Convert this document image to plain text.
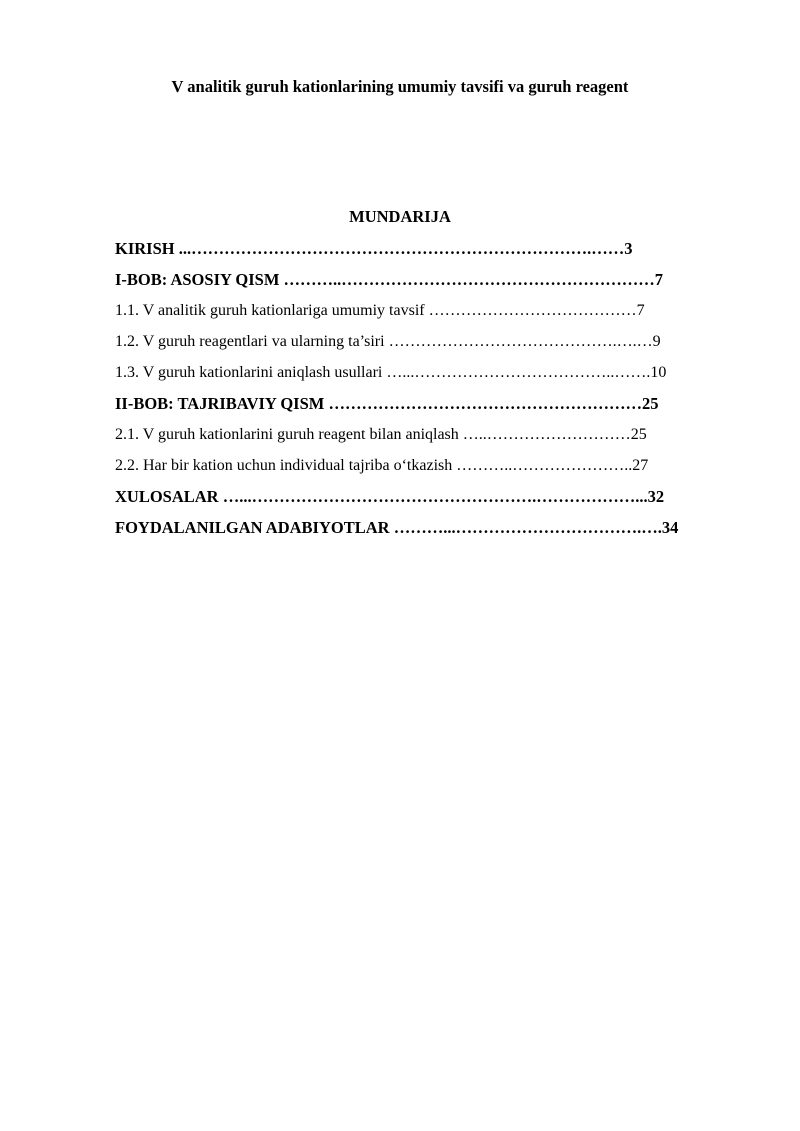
V analitik guruh kationlarining umumiy tavsifi va guruh reagent
MUNDARIJA
KIRISH ...……………………………………………………………….……3
I-BOB: ASOSIY QISM ………..…………………………………………………7
1.1. V analitik guruh kationlariga umumiy tavsif …………………………………7
1.2. V guruh reagentlari va ularning ta’siri …………………………………….….…9
1.3. V guruh kationlarini aniqlash usullari …...………………………………..…….10
II-BOB: TAJRIBAVIY QISM …………………………………………………25
2.1. V guruh kationlarini guruh reagent bilan aniqlash …..………………………25
2.2. Har bir kation uchun individual tajriba o‘tkazish ………..…………………..27
XULOSALAR …...…………………………………………….………………...32
FOYDALANILGAN ADABIYOTLAR ………...…………………………….….34
